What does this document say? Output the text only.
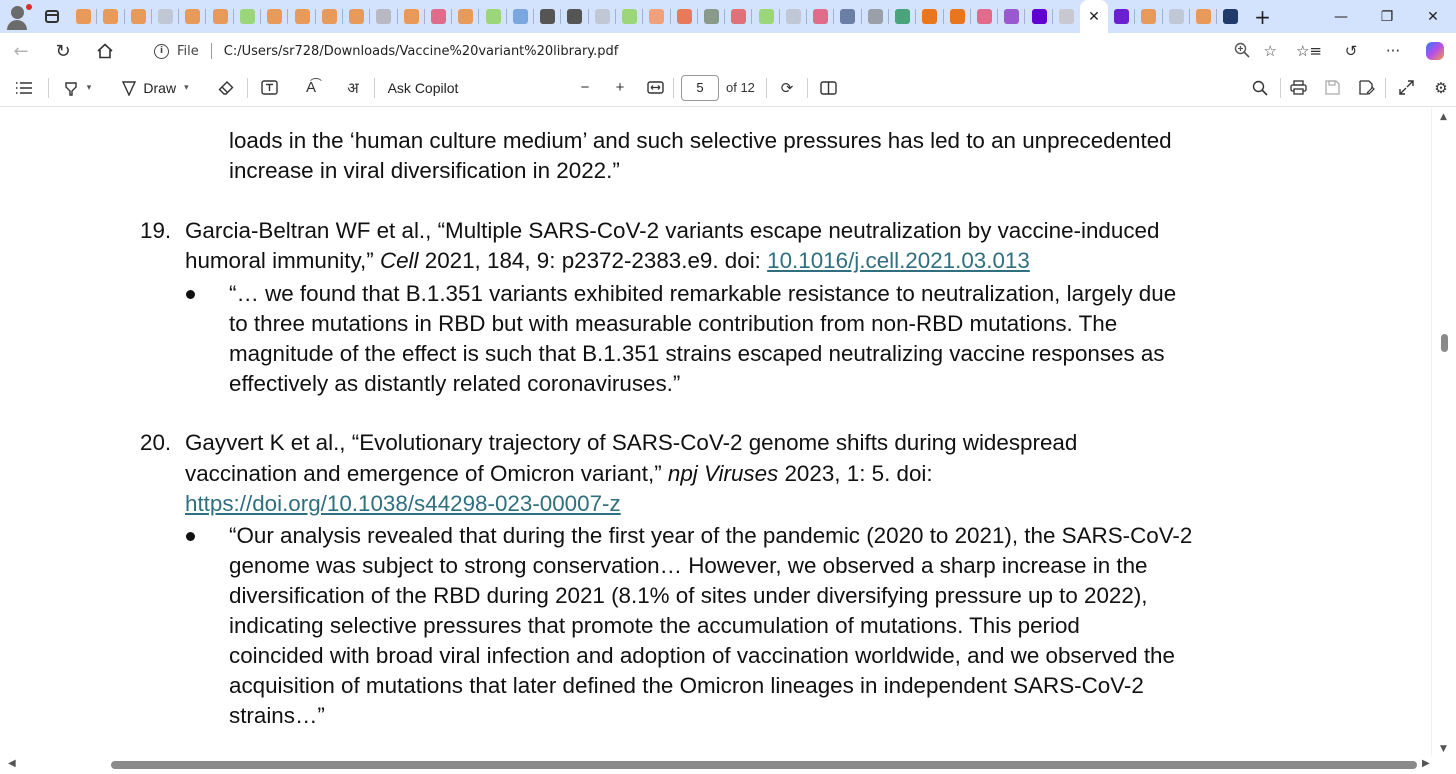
✕	+	—	❐	✕
← ↻	i	File C:/Users/sr728/Downloads/Vaccine%20variant%20library.pdf	☆ ☆≡ ↺ ···
▾	Draw ▾	A͡ अ Ask Copilot	− +	5	of 12 ⟳	⚙
loads in the ‘human culture medium’ and such selective pressures has led to an unprecedented
increase in viral diversification in 2022.”
19. Garcia-Beltran WF et al., “Multiple SARS-CoV-2 variants escape neutralization by vaccine-induced
humoral immunity,” Cell 2021, 184, 9: p2372-2383.e9. doi: 10.1016/j.cell.2021.03.013
“… we found that B.1.351 variants exhibited remarkable resistance to neutralization, largely due
to three mutations in RBD but with measurable contribution from non-RBD mutations. The
magnitude of the effect is such that B.1.351 strains escaped neutralizing vaccine responses as
effectively as distantly related coronaviruses.”
20. Gayvert K et al., “Evolutionary trajectory of SARS-CoV-2 genome shifts during widespread
vaccination and emergence of Omicron variant,” npj Viruses 2023, 1: 5. doi:
https://doi.org/10.1038/s44298-023-00007-z
“Our analysis revealed that during the first year of the pandemic (2020 to 2021), the SARS-CoV-2
genome was subject to strong conservation… However, we observed a sharp increase in the
diversification of the RBD during 2021 (8.1% of sites under diversifying pressure up to 2022),
indicating selective pressures that promote the accumulation of mutations. This period
coincided with broad viral infection and adoption of vaccination worldwide, and we observed the
acquisition of mutations that later defined the Omicron lineages in independent SARS-CoV-2
strains…”
▲
▼
◀	▶
